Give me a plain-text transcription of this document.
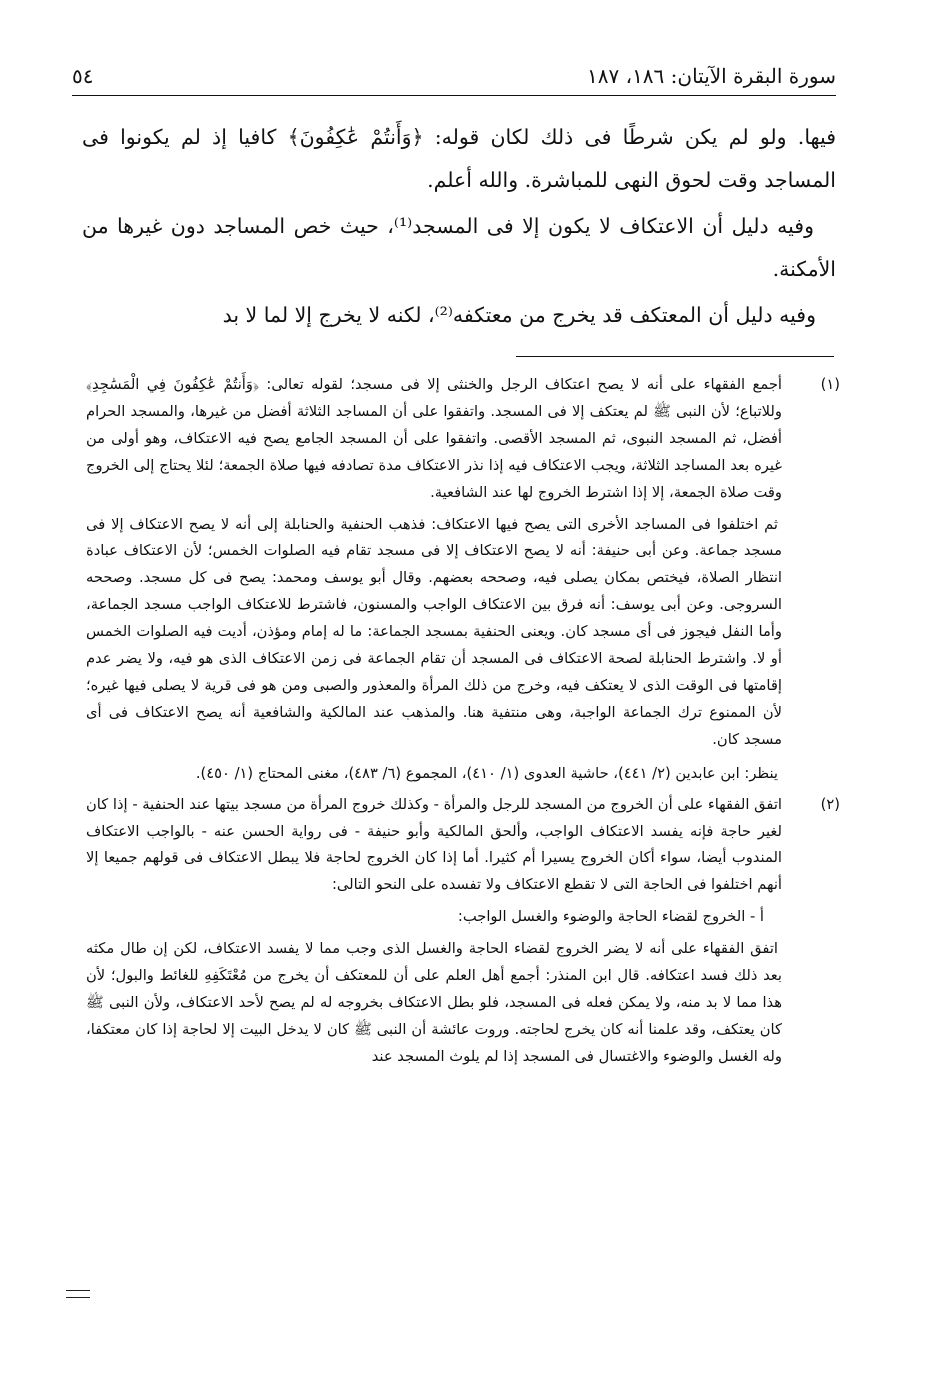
سورة البقرة الآيتان: ١٨٦، ١٨٧
٥٤

فيها. ولو لم يكن شرطًا فى ذلك لكان قوله: ﴿وَأَنتُمْ عَٰكِفُونَ﴾ كافيا إذ لم يكونوا فى المساجد وقت لحوق النهى للمباشرة. والله أعلم.

وفيه دليل أن الاعتكاف لا يكون إلا فى المسجد⁽¹⁾، حيث خص المساجد دون غيرها من الأمكنة.

وفيه دليل أن المعتكف قد يخرج من معتكفه⁽²⁾، لكنه لا يخرج إلا لما لا بد

(١)

أجمع الفقهاء على أنه لا يصح اعتكاف الرجل والخنثى إلا فى مسجد؛ لقوله تعالى: ﴿وَأَنتُمْ عَٰكِفُونَ فِي الْمَسَٰجِدِ﴾ وللاتباع؛ لأن النبى ﷺ لم يعتكف إلا فى المسجد. واتفقوا على أن المساجد الثلاثة أفضل من غيرها، والمسجد الحرام أفضل، ثم المسجد النبوى، ثم المسجد الأقصى. واتفقوا على أن المسجد الجامع يصح فيه الاعتكاف، وهو أولى من غيره بعد المساجد الثلاثة، ويجب الاعتكاف فيه إذا نذر الاعتكاف مدة تصادفه فيها صلاة الجمعة؛ لئلا يحتاج إلى الخروج وقت صلاة الجمعة، إلا إذا اشترط الخروج لها عند الشافعية.

ثم اختلفوا فى المساجد الأخرى التى يصح فيها الاعتكاف: فذهب الحنفية والحنابلة إلى أنه لا يصح الاعتكاف إلا فى مسجد جماعة. وعن أبى حنيفة: أنه لا يصح الاعتكاف إلا فى مسجد تقام فيه الصلوات الخمس؛ لأن الاعتكاف عبادة انتظار الصلاة، فيختص بمكان يصلى فيه، وصححه بعضهم. وقال أبو يوسف ومحمد: يصح فى كل مسجد. وصححه السروجى. وعن أبى يوسف: أنه فرق بين الاعتكاف الواجب والمسنون، فاشترط للاعتكاف الواجب مسجد الجماعة، وأما النفل فيجوز فى أى مسجد كان. ويعنى الحنفية بمسجد الجماعة: ما له إمام ومؤذن، أديت فيه الصلوات الخمس أو لا. واشترط الحنابلة لصحة الاعتكاف فى المسجد أن تقام الجماعة فى زمن الاعتكاف الذى هو فيه، ولا يضر عدم إقامتها فى الوقت الذى لا يعتكف فيه، وخرج من ذلك المرأة والمعذور والصبى ومن هو فى قرية لا يصلى فيها غيره؛ لأن الممنوع ترك الجماعة الواجبة، وهى منتفية هنا. والمذهب عند المالكية والشافعية أنه يصح الاعتكاف فى أى مسجد كان.

ينظر: ابن عابدين (٢/ ٤٤١)، حاشية العدوى (١/ ٤١٠)، المجموع (٦/ ٤٨٣)، مغنى المحتاج (١/ ٤٥٠).

(٢)

اتفق الفقهاء على أن الخروج من المسجد للرجل والمرأة - وكذلك خروج المرأة من مسجد بيتها عند الحنفية - إذا كان لغير حاجة فإنه يفسد الاعتكاف الواجب، وألحق المالكية وأبو حنيفة - فى رواية الحسن عنه - بالواجب الاعتكاف المندوب أيضا، سواء أكان الخروج يسيرا أم كثيرا. أما إذا كان الخروج لحاجة فلا يبطل الاعتكاف فى قولهم جميعا إلا أنهم اختلفوا فى الحاجة التى لا تقطع الاعتكاف ولا تفسده على النحو التالى:

أ - الخروج لقضاء الحاجة والوضوء والغسل الواجب:

اتفق الفقهاء على أنه لا يضر الخروج لقضاء الحاجة والغسل الذى وجب مما لا يفسد الاعتكاف، لكن إن طال مكثه بعد ذلك فسد اعتكافه. قال ابن المنذر: أجمع أهل العلم على أن للمعتكف أن يخرج من مُعْتَكَفِهِ للغائط والبول؛ لأن هذا مما لا بد منه، ولا يمكن فعله فى المسجد، فلو بطل الاعتكاف بخروجه له لم يصح لأحد الاعتكاف، ولأن النبى ﷺ كان يعتكف، وقد علمنا أنه كان يخرج لحاجته. وروت عائشة أن النبى ﷺ كان لا يدخل البيت إلا لحاجة إذا كان معتكفا، وله الغسل والوضوء والاغتسال فى المسجد إذا لم يلوث المسجد عند
